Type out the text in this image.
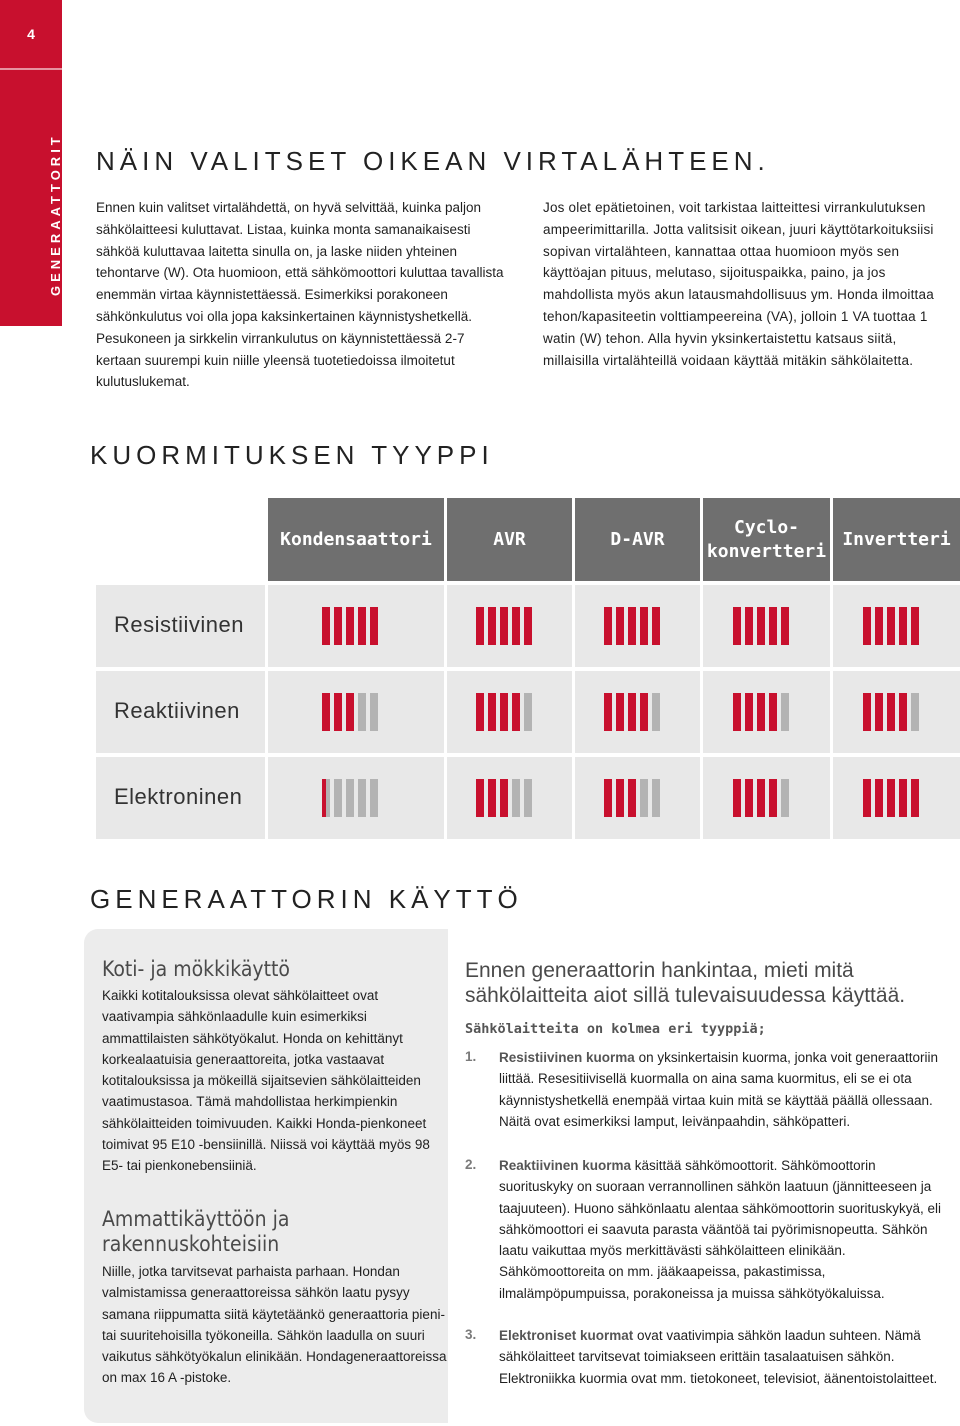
4
GENERAATTORIT NÄIN VALITSET OIKEAN VIRTALÄHTEEN.

Ennen kuin valitset virtalähdettä, on hyvä selvittää, kuinka paljon sähkölaitteesi kuluttavat. Listaa, kuinka monta samanaikaisesti sähköä kuluttavaa laitetta sinulla on, ja laske niiden yhteinen tehontarve (W). Ota huomioon, että sähkömoottori kuluttaa tavallista enemmän virtaa käynnistettäessä. Esimerkiksi porakoneen sähkönkulutus voi olla jopa kaksinkertainen käynnistyshetkellä. Pesukoneen ja sirkkelin virrankulutus on käynnistettäessä 2-7 kertaan suurempi kuin niille yleensä tuotetiedoissa ilmoitetut kulutuslukemat.

Jos olet epätietoinen, voit tarkistaa laitteittesi virrankulutuksen ampeerimittarilla. Jotta valitsisit oikean, juuri käyttötarkoituksiisi sopivan virtalähteen, kannattaa ottaa huomioon myös sen käyttöajan pituus, melutaso, sijoituspaikka, paino, ja jos mahdollista myös akun latausmahdollisuus ym. Honda ilmoittaa tehon/kapasiteetin volttiampeereina (VA), jolloin 1 VA tuottaa 1 watin (W) tehon. Alla hyvin yksinkertaistettu katsaus siitä, millaisilla virtalähteillä voidaan käyttää mitäkin sähkölaitetta.

KUORMITUKSEN TYYPPI
Kondensaattori	AVR	D-AVR
Cyclo-
konvertteri
Invertteri
Resistiivinen
Reaktiivinen
Elektroninen
GENERAATTORIN KÄYTTÖ
Koti- ja mökkikäyttö

Kaikki kotitalouksissa olevat sähkölaitteet ovat vaativampia sähkönlaadulle kuin esimerkiksi ammattilaisten sähkötyökalut. Honda on kehittänyt korkealaatuisia generaattoreita, jotka vastaavat kotitalouksissa ja mökeillä sijaitsevien sähkölaitteiden vaatimustasoa. Tämä mahdollistaa herkimpienkin sähkölaitteiden toimivuuden. Kaikki Honda-pienkoneet toimivat 95 E10 -bensiinillä. Niissä voi käyttää myös 98 E5- tai pienkonebensiiniä.

Ammattikäyttöön ja rakennuskohteisiin

Niille, jotka tarvitsevat parhaista parhaan. Hondan valmistamissa generaattoreissa sähkön laatu pysyy samana riippumatta siitä käytetäänkö generaattoria pieni- tai suuritehoisilla työkoneilla. Sähkön laadulla on suuri vaikutus sähkötyökalun elinikään. Hondageneraattoreissa on max 16 A -pistoke.

Ennen generaattorin hankintaa, mieti mitä sähkölaitteita aiot sillä tulevaisuudessa käyttää.

Sähkölaitteita on kolmea eri tyyppiä;

1. Resistiivinen kuorma on yksinkertaisin kuorma, jonka voit generaattoriin liittää. Resesitiivisellä kuormalla on aina sama kuormitus, eli se ei ota käynnistyshetkellä enempää virtaa kuin mitä se käyttää päällä ollessaan. Näitä ovat esimerkiksi lamput, leivänpaahdin, sähköpatteri.

2. Reaktiivinen kuorma käsittää sähkömoottorit. Sähkömoottorin suorituskyky on suoraan verrannollinen sähkön laatuun (jännitteeseen ja taajuuteen). Huono sähkönlaatu alentaa sähkömoottorin suorituskykyä, eli sähkömoottori ei saavuta parasta vääntöä tai pyörimisnopeutta. Sähkön laatu vaikuttaa myös merkittävästi sähkölaitteen elinikään. Sähkömoottoreita on mm. jääkaapeissa, pakastimissa, ilmalämpöpumpuissa, porakoneissa ja muissa sähkötyökaluissa.

3. Elektroniset kuormat ovat vaativimpia sähkön laadun suhteen. Nämä sähkölaitteet tarvitsevat toimiakseen erittäin tasalaatuisen sähkön. Elektroniikka kuormia ovat mm. tietokoneet, televisiot, äänentoistolaitteet.
